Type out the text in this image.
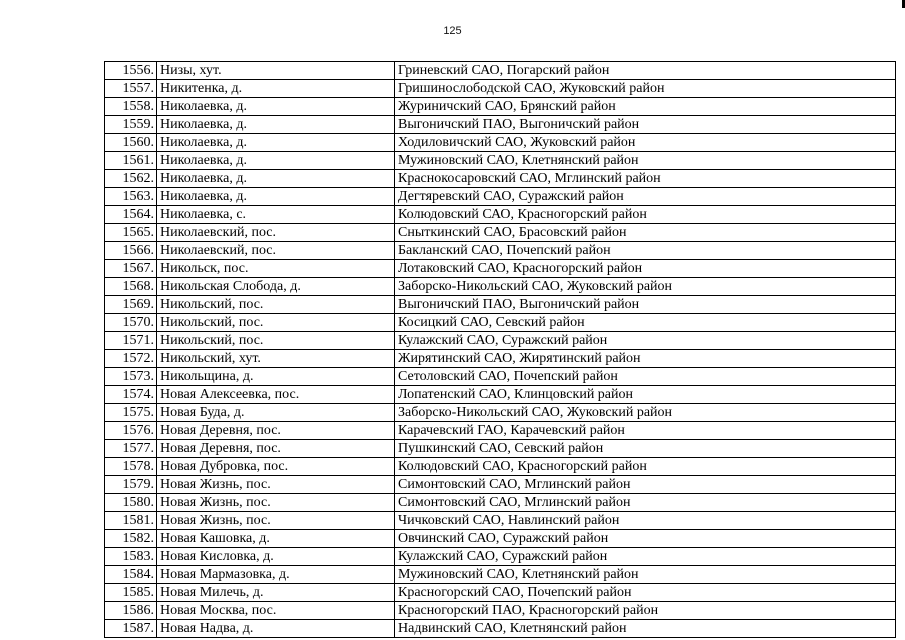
125
1556.	Низы, хут.	Гриневский САО, Погарский район
1557.	Никитенка, д.	Гришинослободской САО, Жуковский район
1558.	Николаевка, д.	Журиничский САО, Брянский район
1559.	Николаевка, д.	Выгоничский ПАО, Выгоничский район
1560.	Николаевка, д.	Ходиловичский САО, Жуковский район
1561.	Николаевка, д.	Мужиновский САО, Клетнянский район
1562.	Николаевка, д.	Краснокосаровский САО, Мглинский район
1563.	Николаевка, д.	Дегтяревский САО, Суражский район
1564.	Николаевка, с.	Колюдовский САО, Красногорский район
1565.	Николаевский, пос.	Сныткинский САО, Брасовский район
1566.	Николаевский, пос.	Бакланский САО, Почепский район
1567.	Никольск, пос.	Лотаковский САО, Красногорский район
1568.	Никольская Слобода, д.	Заборско-Никольский САО, Жуковский район
1569.	Никольский, пос.	Выгоничский ПАО, Выгоничский район
1570.	Никольский, пос.	Косицкий САО, Севский район
1571.	Никольский, пос.	Кулажский САО, Суражский район
1572.	Никольский, хут.	Жирятинский САО, Жирятинский район
1573.	Никольщина, д.	Сетоловский САО, Почепский район
1574.	Новая Алексеевка, пос.	Лопатенский САО, Клинцовский район
1575.	Новая Буда, д.	Заборско-Никольский САО, Жуковский район
1576.	Новая Деревня, пос.	Карачевский ГАО, Карачевский район
1577.	Новая Деревня, пос.	Пушкинский САО, Севский район
1578.	Новая Дубровка, пос.	Колюдовский САО, Красногорский район
1579.	Новая Жизнь, пос.	Симонтовский САО, Мглинский район
1580.	Новая Жизнь, пос.	Симонтовский САО, Мглинский район
1581.	Новая Жизнь, пос.	Чичковский САО, Навлинский район
1582.	Новая Кашовка, д.	Овчинский САО, Суражский район
1583.	Новая Кисловка, д.	Кулажский САО, Суражский район
1584.	Новая Мармазовка, д.	Мужиновский САО, Клетнянский район
1585.	Новая Милечь, д.	Красногорский САО, Почепский район
1586.	Новая Москва, пос.	Красногорский ПАО, Красногорский район
1587.	Новая Надва, д.	Надвинский САО, Клетнянский район
